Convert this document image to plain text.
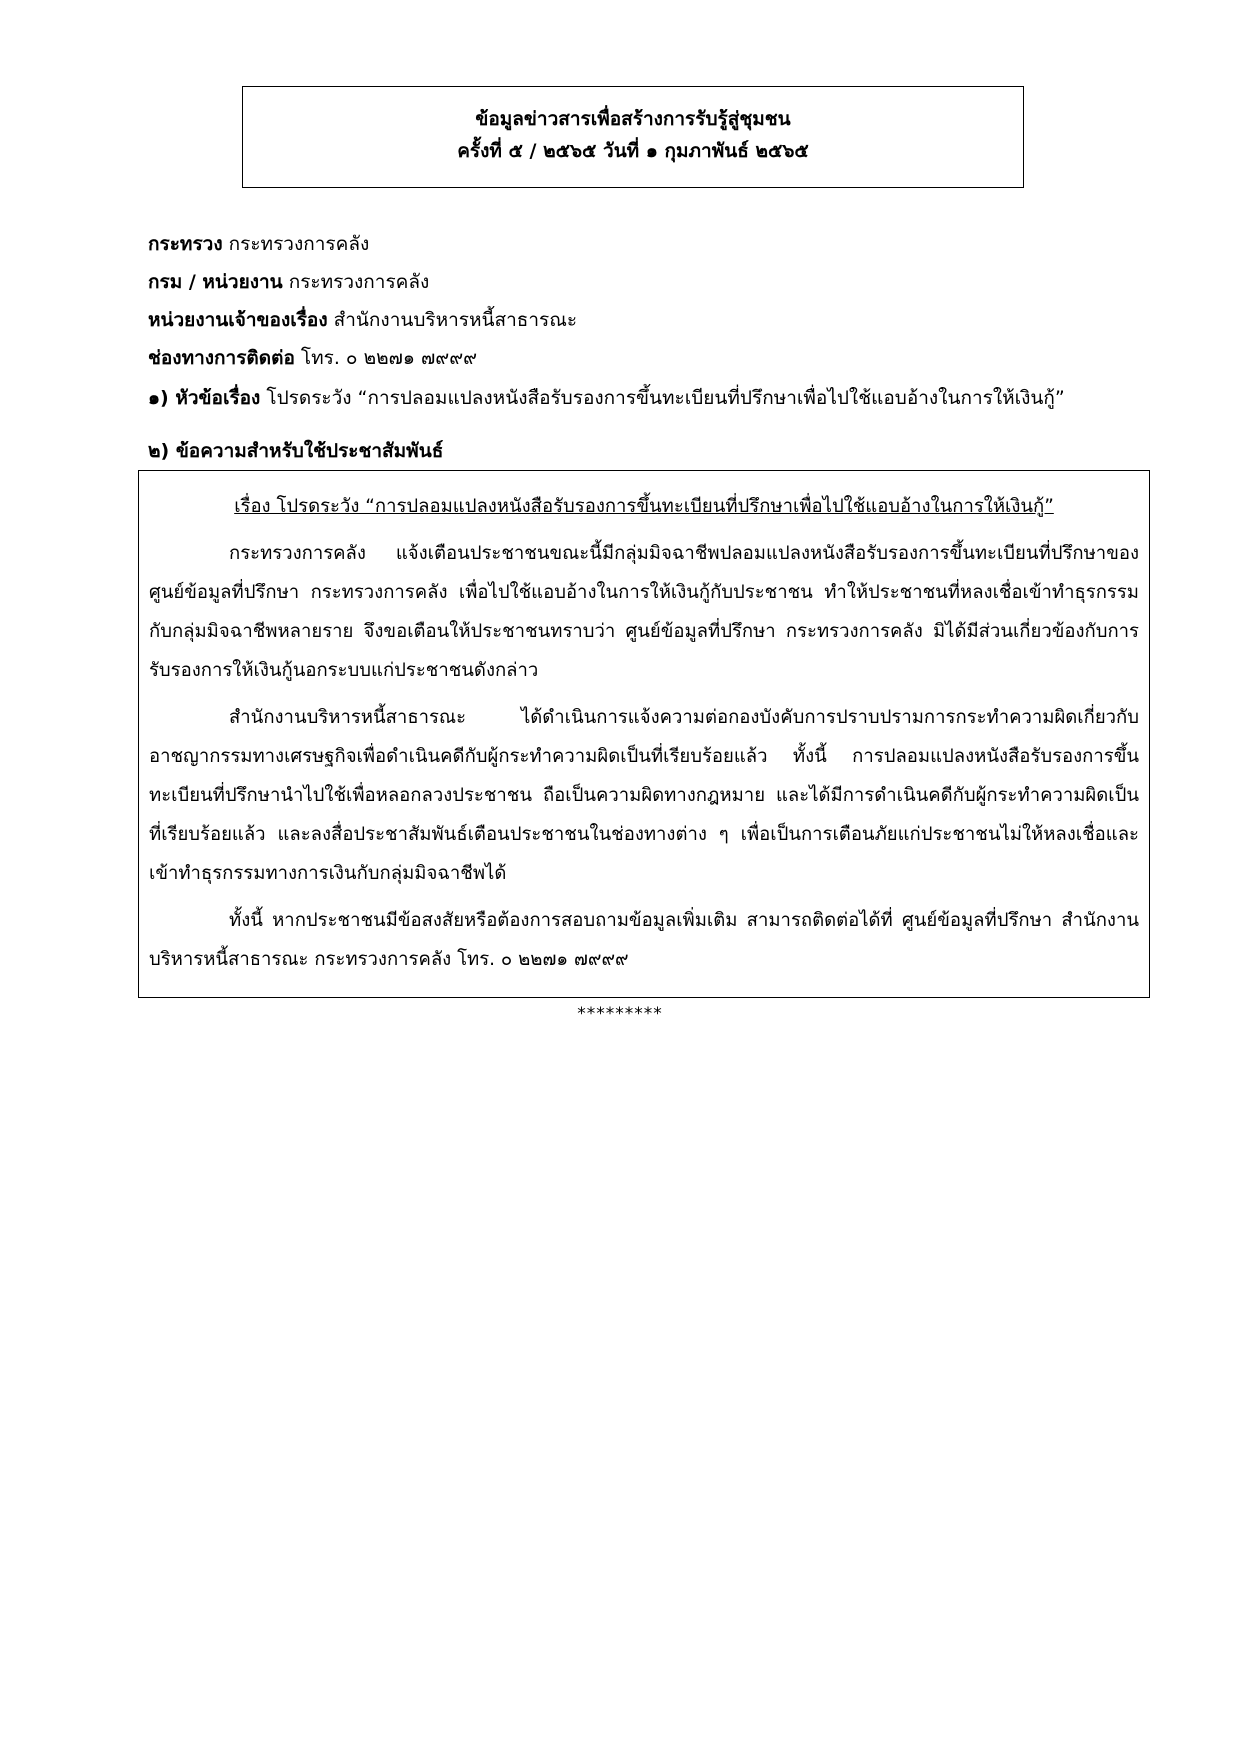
ข้อมูลข่าวสารเพื่อสร้างการรับรู้สู่ชุมชน
ครั้งที่ ๕ / ๒๕๖๕ วันที่ ๑ กุมภาพันธ์ ๒๕๖๕
กระทรวง กระทรวงการคลัง
กรม / หน่วยงาน กระทรวงการคลัง
หน่วยงานเจ้าของเรื่อง สำนักงานบริหารหนี้สาธารณะ
ช่องทางการติดต่อ โทร. ๐ ๒๒๗๑ ๗๙๙๙
๑) หัวข้อเรื่อง โปรดระวัง “การปลอมแปลงหนังสือรับรองการขึ้นทะเบียนที่ปรึกษาเพื่อไปใช้แอบอ้างในการให้เงินกู้”
๒) ข้อความสำหรับใช้ประชาสัมพันธ์
เรื่อง โปรดระวัง “การปลอมแปลงหนังสือรับรองการขึ้นทะเบียนที่ปรึกษาเพื่อไปใช้แอบอ้างในการให้เงินกู้”

กระทรวงการคลัง แจ้งเตือนประชาชนขณะนี้มีกลุ่มมิจฉาชีพปลอมแปลงหนังสือรับรองการขึ้นทะเบียนที่ปรึกษาของศูนย์ข้อมูลที่ปรึกษา กระทรวงการคลัง เพื่อไปใช้แอบอ้างในการให้เงินกู้กับประชาชน ทำให้ประชาชนที่หลงเชื่อเข้าทำธุรกรรมกับกลุ่มมิจฉาชีพหลายราย จึงขอเตือนให้ประชาชนทราบว่า ศูนย์ข้อมูลที่ปรึกษา กระทรวงการคลัง มิได้มีส่วนเกี่ยวข้องกับการรับรองการให้เงินกู้นอกระบบแก่ประชาชนดังกล่าว

สำนักงานบริหารหนี้สาธารณะ ได้ดำเนินการแจ้งความต่อกองบังคับการปราบปรามการกระทำความผิดเกี่ยวกับอาชญากรรมทางเศรษฐกิจเพื่อดำเนินคดีกับผู้กระทำความผิดเป็นที่เรียบร้อยแล้ว ทั้งนี้ การปลอมแปลงหนังสือรับรองการขึ้นทะเบียนที่ปรึกษานำไปใช้เพื่อหลอกลวงประชาชน ถือเป็นความผิดทางกฎหมาย และได้มีการดำเนินคดีกับผู้กระทำความผิดเป็นที่เรียบร้อยแล้ว และลงสื่อประชาสัมพันธ์เตือนประชาชนในช่องทางต่าง ๆ เพื่อเป็นการเตือนภัยแก่ประชาชนไม่ให้หลงเชื่อและเข้าทำธุรกรรมทางการเงินกับกลุ่มมิจฉาชีพได้

ทั้งนี้ หากประชาชนมีข้อสงสัยหรือต้องการสอบถามข้อมูลเพิ่มเติม สามารถติดต่อได้ที่ ศูนย์ข้อมูลที่ปรึกษา สำนักงานบริหารหนี้สาธารณะ กระทรวงการคลัง โทร. ๐ ๒๒๗๑ ๗๙๙๙

*********
